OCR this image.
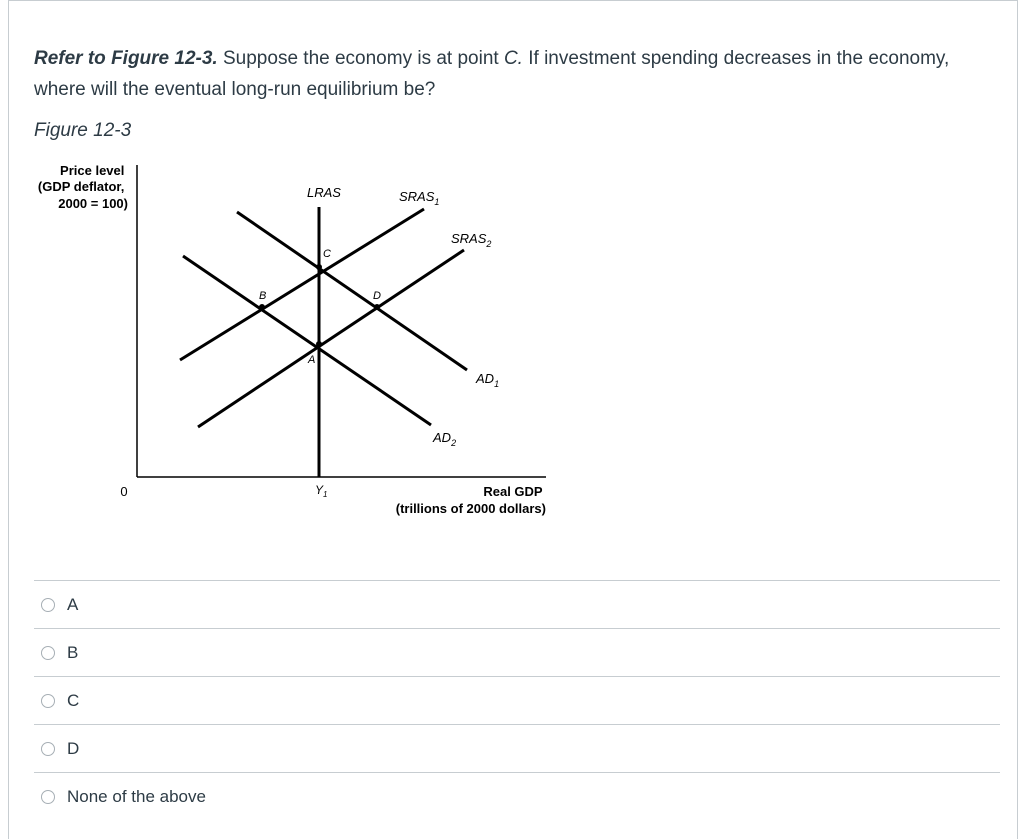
Refer to Figure 12-3. Suppose the economy is at point C. If investment spending decreases in the economy, where will the eventual long-run equilibrium be?
Figure 12-3
Price level (GDP deflator, 2000 = 100)
LRAS	$SRAS_1$
$SRAS_2$
$AD_1$
$AD_2$
C
B	D
A
0	$Y_1$	Real GDP (trillions of 2000 dollars)
A
B
C
D
None of the above
